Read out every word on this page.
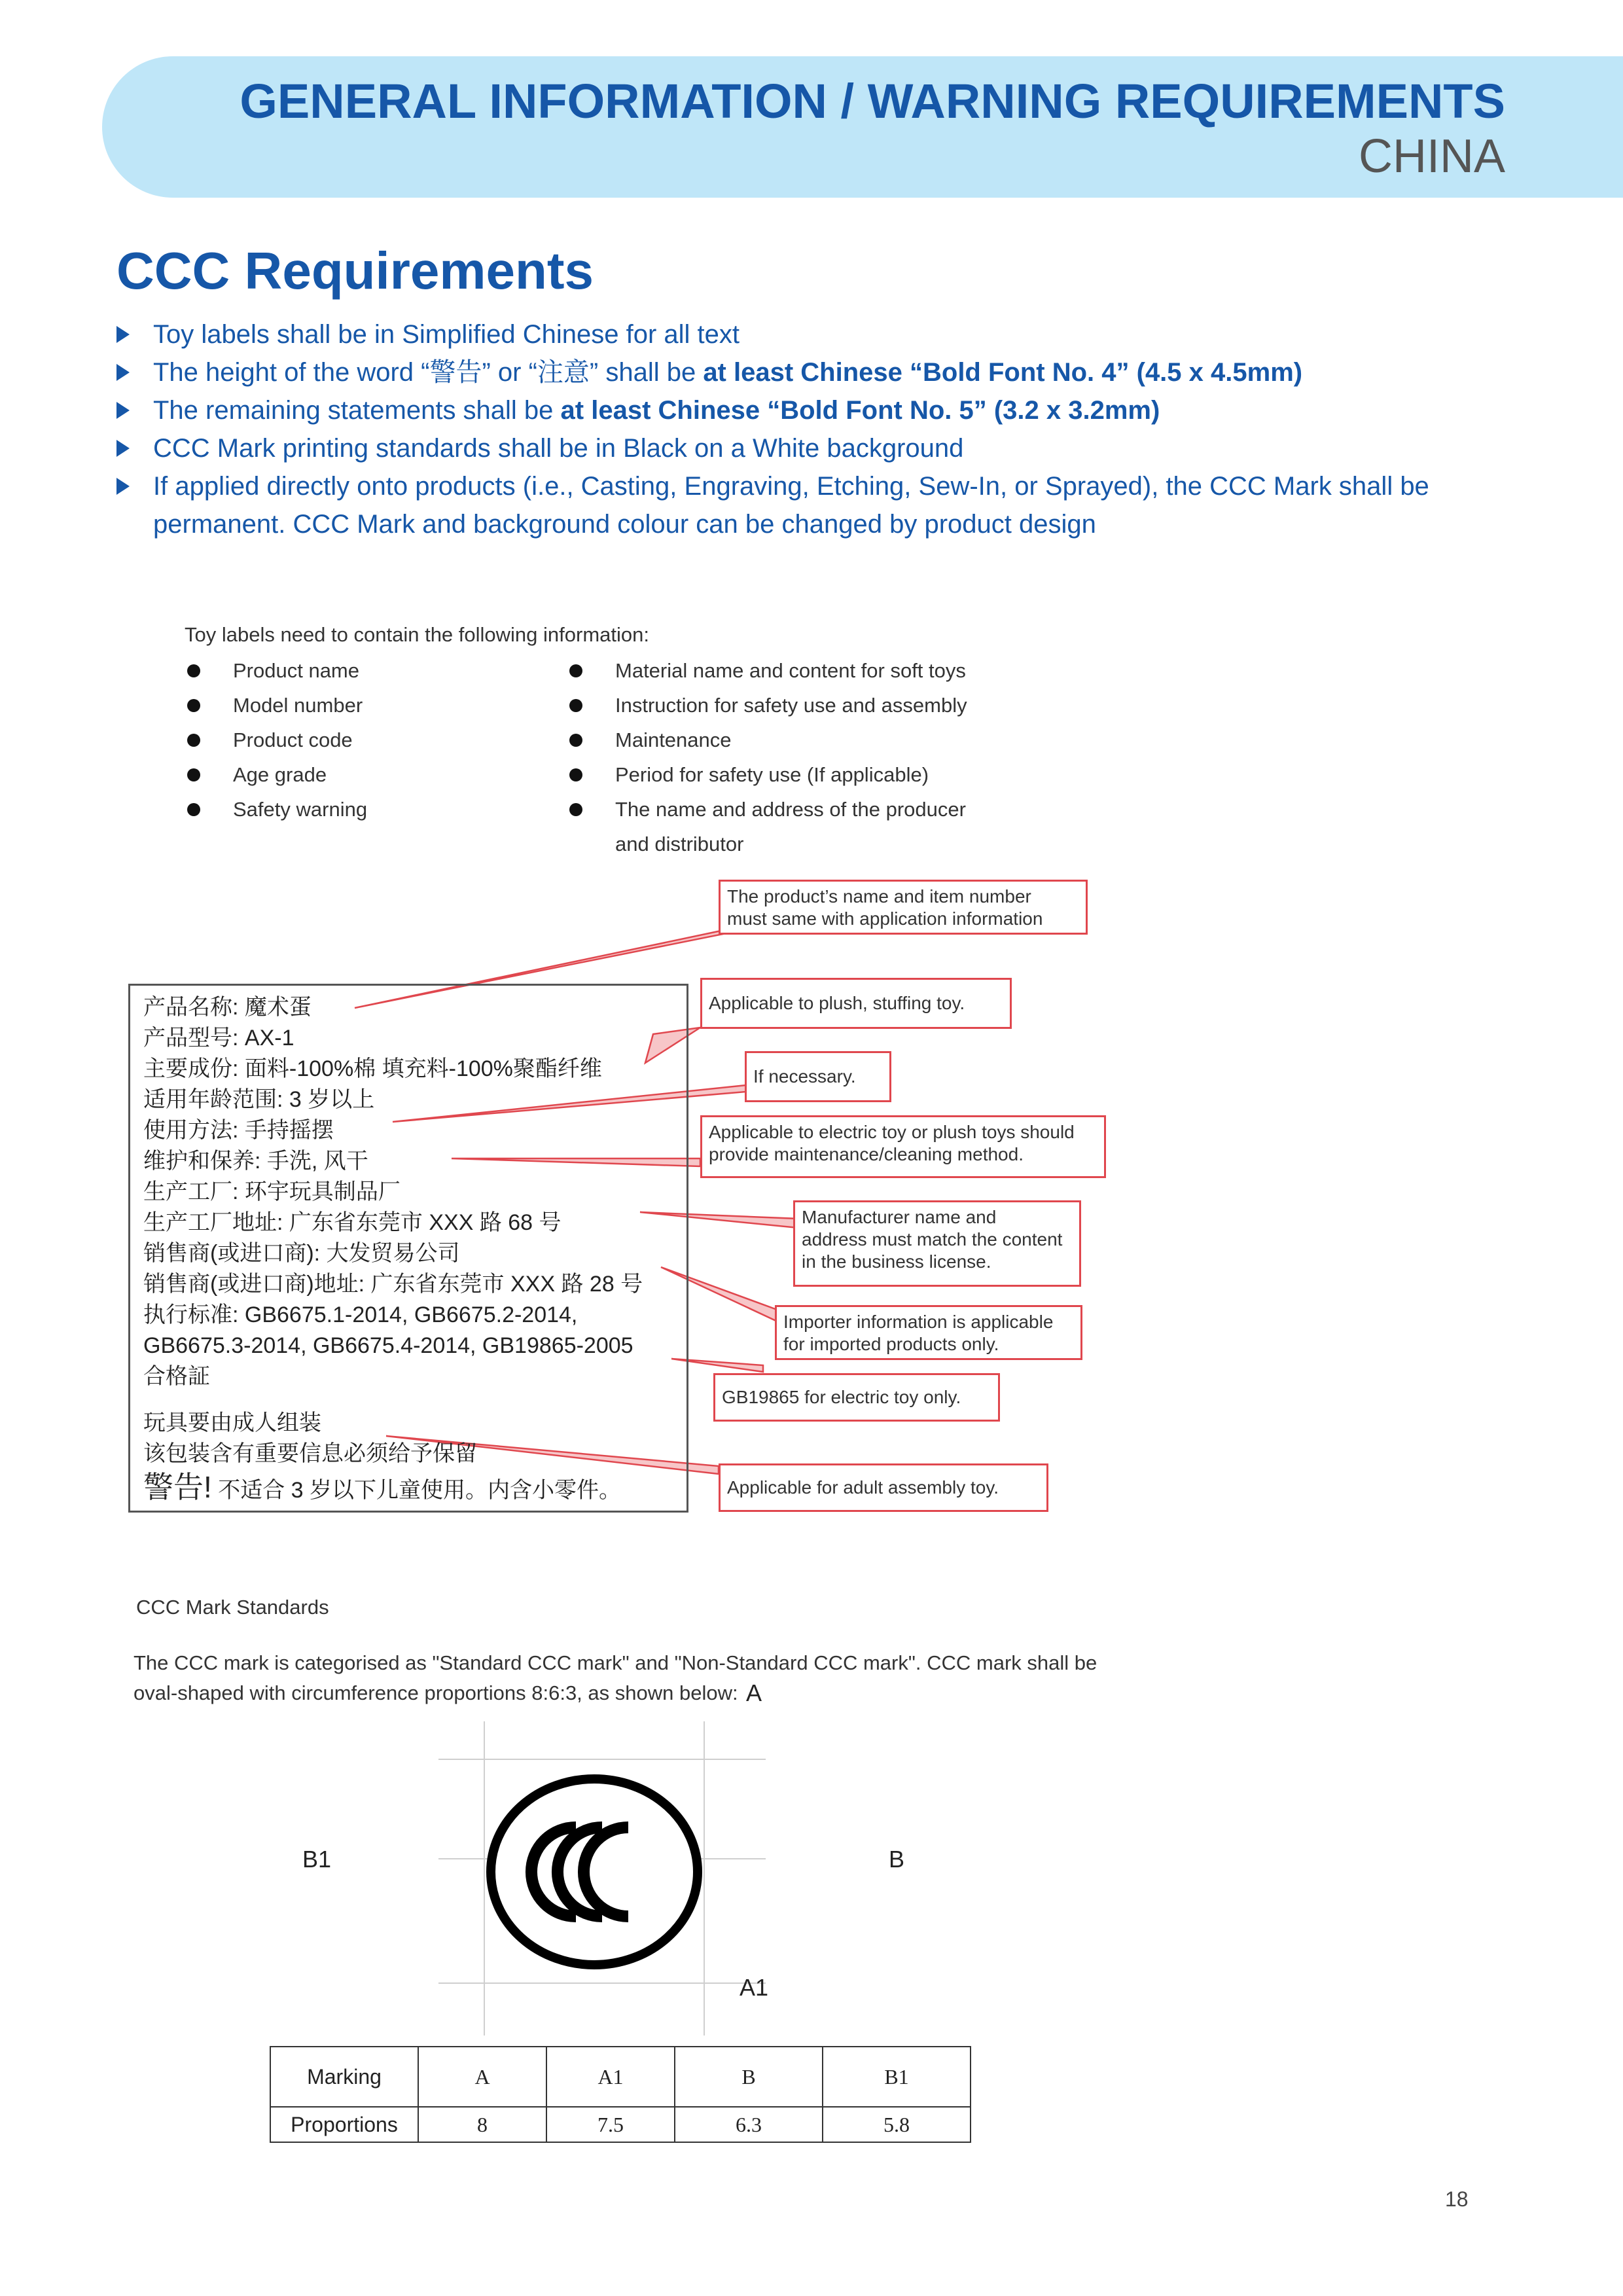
GENERAL INFORMATION / WARNING REQUIREMENTS
CHINA
CCC Requirements
Toy labels shall be in Simplified Chinese for all text
The height of the word “警告” or “注意” shall be at least Chinese “Bold Font No. 4” (4.5 x 4.5mm)
The remaining statements shall be at least Chinese “Bold Font No. 5” (3.2 x 3.2mm)
CCC Mark printing standards shall be in Black on a White background
If applied directly onto products (i.e., Casting, Engraving, Etching, Sew-In, or Sprayed), the CCC Mark shall be permanent. CCC Mark and background colour can be changed by product design
Toy labels need to contain the following information:
Product name
Model number
Product code
Age grade
Safety warning
Material name and content for soft toys
Instruction for safety use and assembly
Maintenance
Period for safety use (If applicable)
The name and address of the producer
and distributor
产品名称: 魔术蛋
产品型号: AX-1
主要成份: 面料-100%棉 填充料-100%聚酯纤维
适用年龄范围: 3 岁以上
使用方法: 手持摇摆
维护和保养: 手洗, 风干
生产工厂: 环宇玩具制品厂
生产工厂地址: 广东省东莞市 XXX 路 68 号
销售商(或进口商): 大发贸易公司
销售商(或进口商)地址: 广东省东莞市 XXX 路 28 号
执行标准: GB6675.1-2014, GB6675.2-2014,
GB6675.3-2014, GB6675.4-2014, GB19865-2005
合格証
玩具要由成人组装
该包装含有重要信息必须给予保留
警告! 不适合 3 岁以下儿童使用。内含小零件。
The product’s name and item number
must same with application information
Applicable to plush, stuffing toy.
If necessary.
Applicable to electric toy or plush toys should
provide maintenance/cleaning method.
Manufacturer name and
address must match the content
in the business license.
Importer information is applicable
for imported products only.
GB19865 for electric toy only.
Applicable for adult assembly toy.
CCC Mark Standards
The CCC mark is categorised as "Standard CCC mark" and "Non-Standard CCC mark". CCC mark shall be oval-shaped with circumference proportions 8:6:3, as shown below:
CCC
A
A1
B1	B
Marking	A	A1	B	B1
Proportions	8	7.5	6.3	5.8
18
